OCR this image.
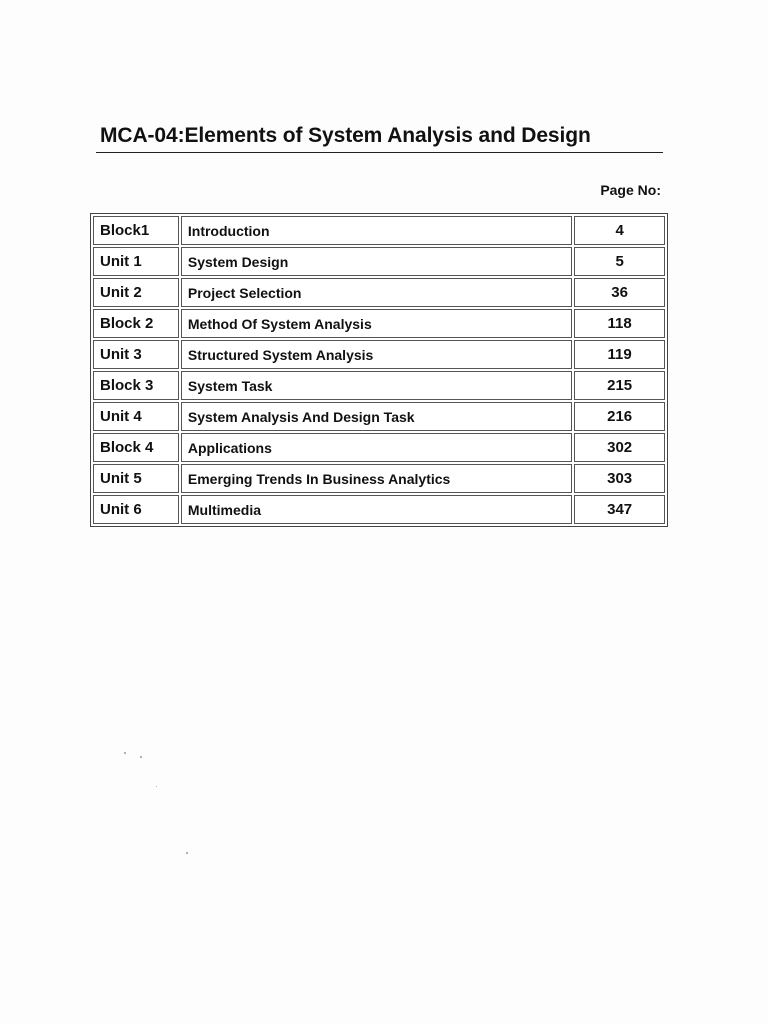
MCA-04:Elements of System Analysis and Design
Page No:
Block1	Introduction	4
Unit 1	System Design	5
Unit 2	Project Selection	36
Block 2	Method Of System Analysis	118
Unit 3	Structured System Analysis	119
Block 3	System Task	215
Unit 4	System Analysis And Design Task	216
Block 4	Applications	302
Unit 5	Emerging Trends In Business Analytics	303
Unit 6	Multimedia	347
